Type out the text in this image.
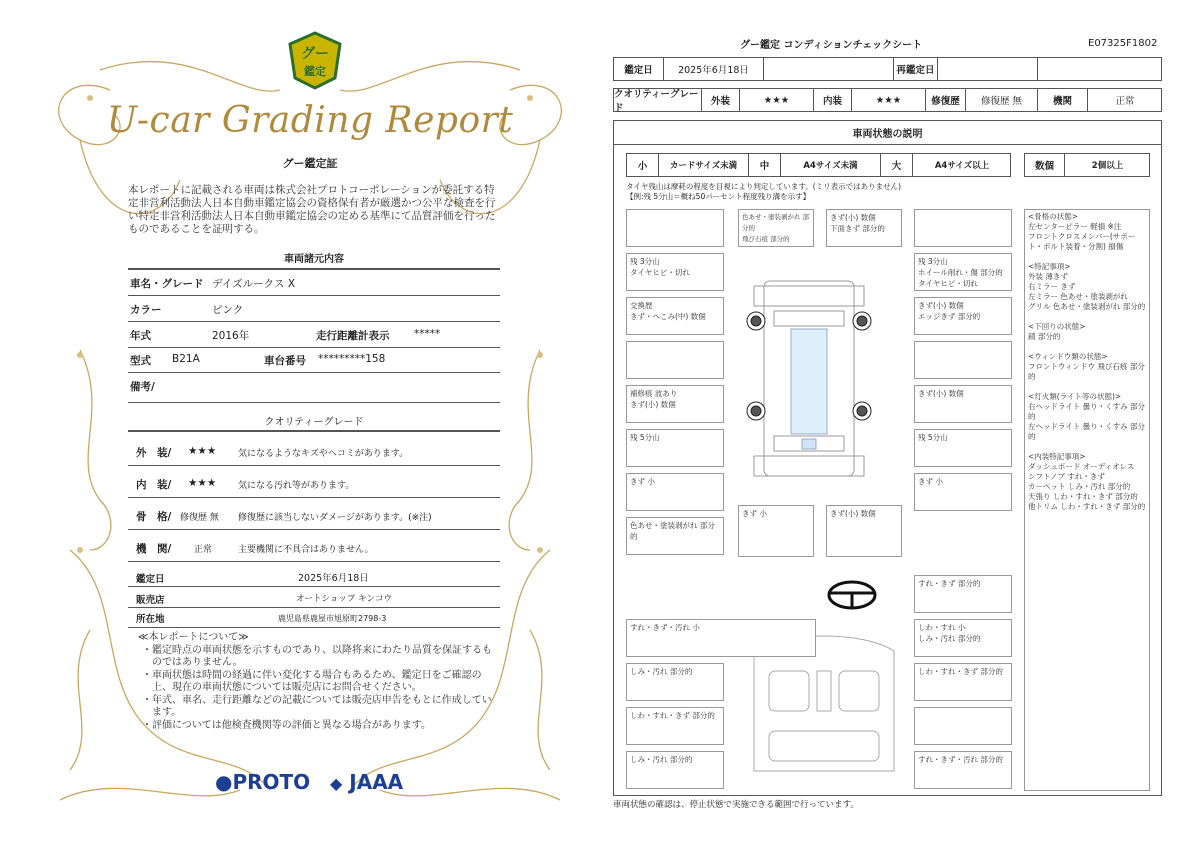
グー
鑑定
U-car Grading Report
グー鑑定証
本レポートに記載される車両は株式会社プロトコーポレーションが委託する特定非営利活動法人日本自動車鑑定協会の資格保有者が厳選かつ公平な検査を行い特定非営利活動法人日本自動車鑑定協会の定める基準にて品質評価を行ったものであることを証明する。
車両諸元内容
車名・グレード デイズルークス X
カラー	ピンク
年式	2016年	走行距離計表示 *****
型式 B21A	車台番号 *********158
備考/
クオリティーグレード
外　装/ ★★★ 気になるようなキズやヘコミがあります。
内　装/ ★★★ 気になる汚れ等があります。
骨　格/ 修復歴 無 修復歴に該当しないダメージがあります。(※注)
機　関/	正常	主要機関に不具合はありません。
鑑定日	2025年6月18日
販売店	オートショップ キンコウ
所在地	鹿児島県鹿屋市旭原町2798-3
≪本レポートについて≫
・鑑定時点の車両状態を示すものであり、以降将来にわたり品質を保証するものではありません。
・車両状態は時間の経過に伴い変化する場合もあるため、鑑定日をご確認の上、現在の車両状態については販売店にお問合せください。
・年式、車名、走行距離などの記載については販売店申告をもとに作成しています。
・評価については他検査機関等の評価と異なる場合があります。
●PROTO ◆ JAAA
グー鑑定 コンディションチェックシート	E07325F1802
鑑定日	2025年6月18日	再鑑定日
クオリティーグレード
外装	★★★	内装	★★★	修復歴	修復歴 無	機関	正常
車両状態の説明
小	カードサイズ未満	中	A4サイズ未満	大	A4サイズ以上	数個	2個以上
タイヤ残山は摩耗の程度を目視により判定しています。(ミリ表示ではありません)
【例:残 5分山＝概ね50パーセント程度残り溝を示す】
色あせ・塗装剥がれ 部分的
飛び石痕 部分的
きず(小) 数個
下面きず 部分的
残 3分山
タイヤヒビ・切れ
残 3分山
ホイール削れ・傷 部分的
タイヤヒビ・切れ
交換歴
きず・へこみ(中) 数個
きず(小) 数個
エッジきず 部分的
補修痕 波あり
きず(小) 数個
きず(小) 数個
残 5分山	残 5分山
きず 小	きず 小
色あせ・塗装剥がれ 部分的
きず 小	きず(小) 数個
すれ・きず 部分的
すれ・きず・汚れ 小	しわ・すれ 小
しみ・汚れ 部分的
しみ・汚れ 部分的	しわ・すれ・きず 部分的
しわ・すれ・きず 部分的
しみ・汚れ 部分的	すれ・きず・汚れ 部分的
<骨格の状態>
左センターピラー 軽損 ※注
フロントクロスメンバー(サポート・ボルト装着・分割) 損傷

<特記事項>
外装 薄きず
右ミラー きず
左ミラー 色あせ・塗装剥がれ
グリル 色あせ・塗装剥がれ 部分的

<下回りの状態>
錆 部分的

<ウィンドウ類の状態>
フロントウィンドウ 飛び石痕 部分的

<灯火類(ライト等の状態)>
右ヘッドライト 曇り・くすみ 部分的
左ヘッドライト 曇り・くすみ 部分的

<内装特記事項>
ダッシュボード オーディオレス
シフトノブ すれ・きず
カーペット しみ・汚れ 部分的
天張り しわ・すれ・きず 部分的
他トリム しわ・すれ・きず 部分的
車両状態の確認は、停止状態で実施できる範囲で行っています。
